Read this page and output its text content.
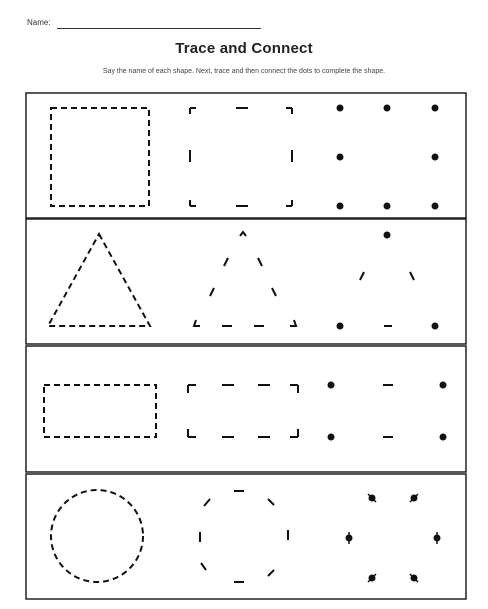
Name:
Trace and Connect
Say the name of each shape. Next, trace and then connect the dots to complete the shape.
